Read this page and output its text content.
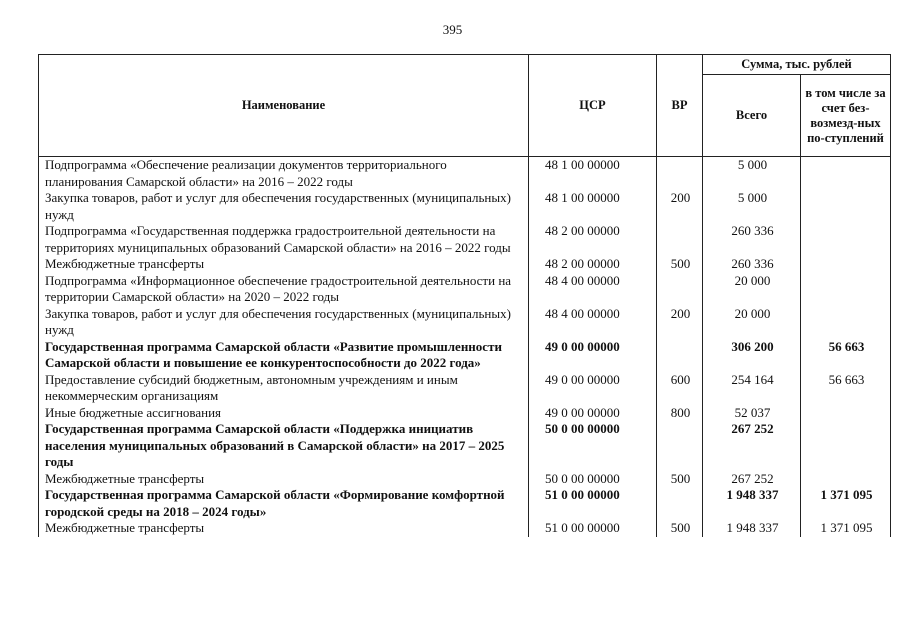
395
Наименование	ЦСР	ВР	Сумма, тыс. рублей	
			Всего	в том числе за счет без-возмезд-ных по-ступлений
Подпрограмма «Обеспечение реализации документов территориального планирования Самарской области» на 2016 – 2022 годы	48 1 00 00000		5 000	
Закупка товаров, работ и услуг для обеспечения государственных (муниципальных) нужд	48 1 00 00000	200	5 000	
Подпрограмма «Государственная поддержка градостроительной деятельности на территориях муниципальных образований Самарской области» на 2016 – 2022 годы	48 2 00 00000		260 336	
Межбюджетные трансферты	48 2 00 00000	500	260 336	
Подпрограмма «Информационное обеспечение градостроительной деятельности на территории Самарской области» на 2020 – 2022 годы	48 4 00 00000		20 000	
Закупка товаров, работ и услуг для обеспечения государственных (муниципальных) нужд	48 4 00 00000	200	20 000	
Государственная программа Самарской области «Развитие промышленности Самарской области и повышение ее конкурентоспособности до 2022 года»	49 0 00 00000		306 200	56 663
Предоставление субсидий бюджетным, автономным учреждениям и иным некоммерческим организациям	49 0 00 00000	600	254 164	56 663
Иные бюджетные ассигнования	49 0 00 00000	800	52 037	
Государственная программа Самарской области «Поддержка инициатив населения муниципальных образований в Самарской области» на 2017 – 2025 годы	50 0 00 00000		267 252	
Межбюджетные трансферты	50 0 00 00000	500	267 252	
Государственная программа Самарской области «Формирование комфортной городской среды на 2018 – 2024 годы»	51 0 00 00000		1 948 337	1 371 095
Межбюджетные трансферты	51 0 00 00000	500	1 948 337	1 371 095
